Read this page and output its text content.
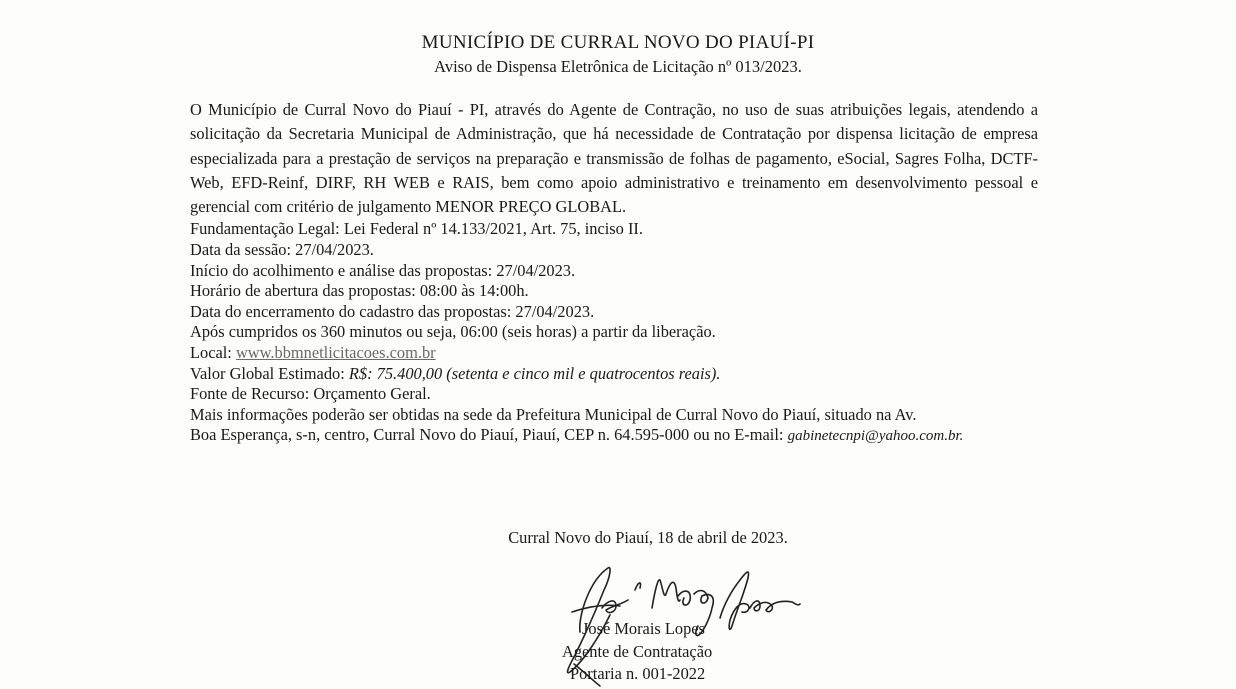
MUNICÍPIO DE CURRAL NOVO DO PIAUÍ-PI
Aviso de Dispensa Eletrônica de Licitação nº 013/2023.
O Município de Curral Novo do Piauí - PI, através do Agente de Contração, no uso de suas atribuições legais, atendendo a solicitação da Secretaria Municipal de Administração, que há necessidade de Contratação por dispensa licitação de empresa especializada para a prestação de serviços na preparação e transmissão de folhas de pagamento, eSocial, Sagres Folha, DCTF-Web, EFD-Reinf, DIRF, RH WEB e RAIS, bem como apoio administrativo e treinamento em desenvolvimento pessoal e gerencial com critério de julgamento MENOR PREÇO GLOBAL.
Fundamentação Legal: Lei Federal nº 14.133/2021, Art. 75, inciso II.
Data da sessão: 27/04/2023.
Início do acolhimento e análise das propostas: 27/04/2023.
Horário de abertura das propostas: 08:00 às 14:00h.
Data do encerramento do cadastro das propostas: 27/04/2023.
Após cumpridos os 360 minutos ou seja, 06:00 (seis horas) a partir da liberação.
Local: www.bbmnetlicitacoes.com.br
Valor Global Estimado: R$: 75.400,00 (setenta e cinco mil e quatrocentos reais).
Fonte de Recurso: Orçamento Geral.
Mais informações poderão ser obtidas na sede da Prefeitura Municipal de Curral Novo do Piauí, situado na Av.
Boa Esperança, s-n, centro, Curral Novo do Piauí, Piauí, CEP n. 64.595-000 ou no E-mail: gabinetecnpi@yahoo.com.br.
Curral Novo do Piauí, 18 de abril de 2023.
José Morais Lopes
Agente de Contratação
Portaria n. 001-2022
